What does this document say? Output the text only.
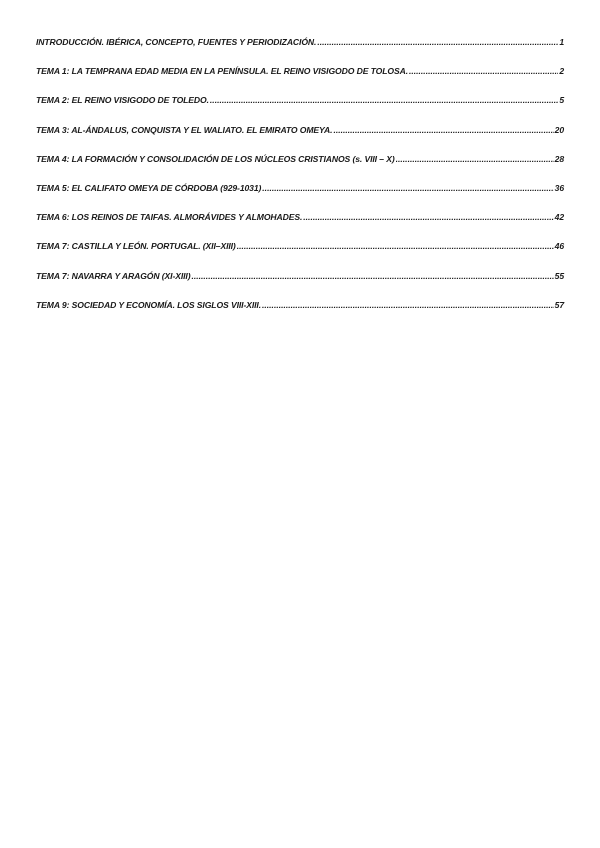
INTRODUCCIÓN. IBÉRICA, CONCEPTO, FUENTES Y PERIODIZACIÓN. .....	1
TEMA 1: LA TEMPRANA EDAD MEDIA EN LA PENÍNSULA. EL REINO VISIGODO DE TOLOSA. .....	2
TEMA 2: EL REINO VISIGODO DE TOLEDO. .....	5
TEMA 3: AL-ÁNDALUS, CONQUISTA Y EL WALIATO. EL EMIRATO OMEYA. .....	20
TEMA 4: LA FORMACIÓN Y CONSOLIDACIÓN DE LOS NÚCLEOS CRISTIANOS (s. VIII – X) .....	28
TEMA 5: EL CALIFATO OMEYA DE CÓRDOBA (929-1031) .....	36
TEMA 6: LOS REINOS DE TAIFAS. ALMORÁVIDES Y ALMOHADES. .....	42
TEMA 7: CASTILLA Y LEÓN. PORTUGAL. (XII–XIII) .....	46
TEMA 7: NAVARRA Y ARAGÓN (XI-XIII) .....	55
TEMA 9: SOCIEDAD Y ECONOMÍA. LOS SIGLOS VIII-XIII. .....	57
